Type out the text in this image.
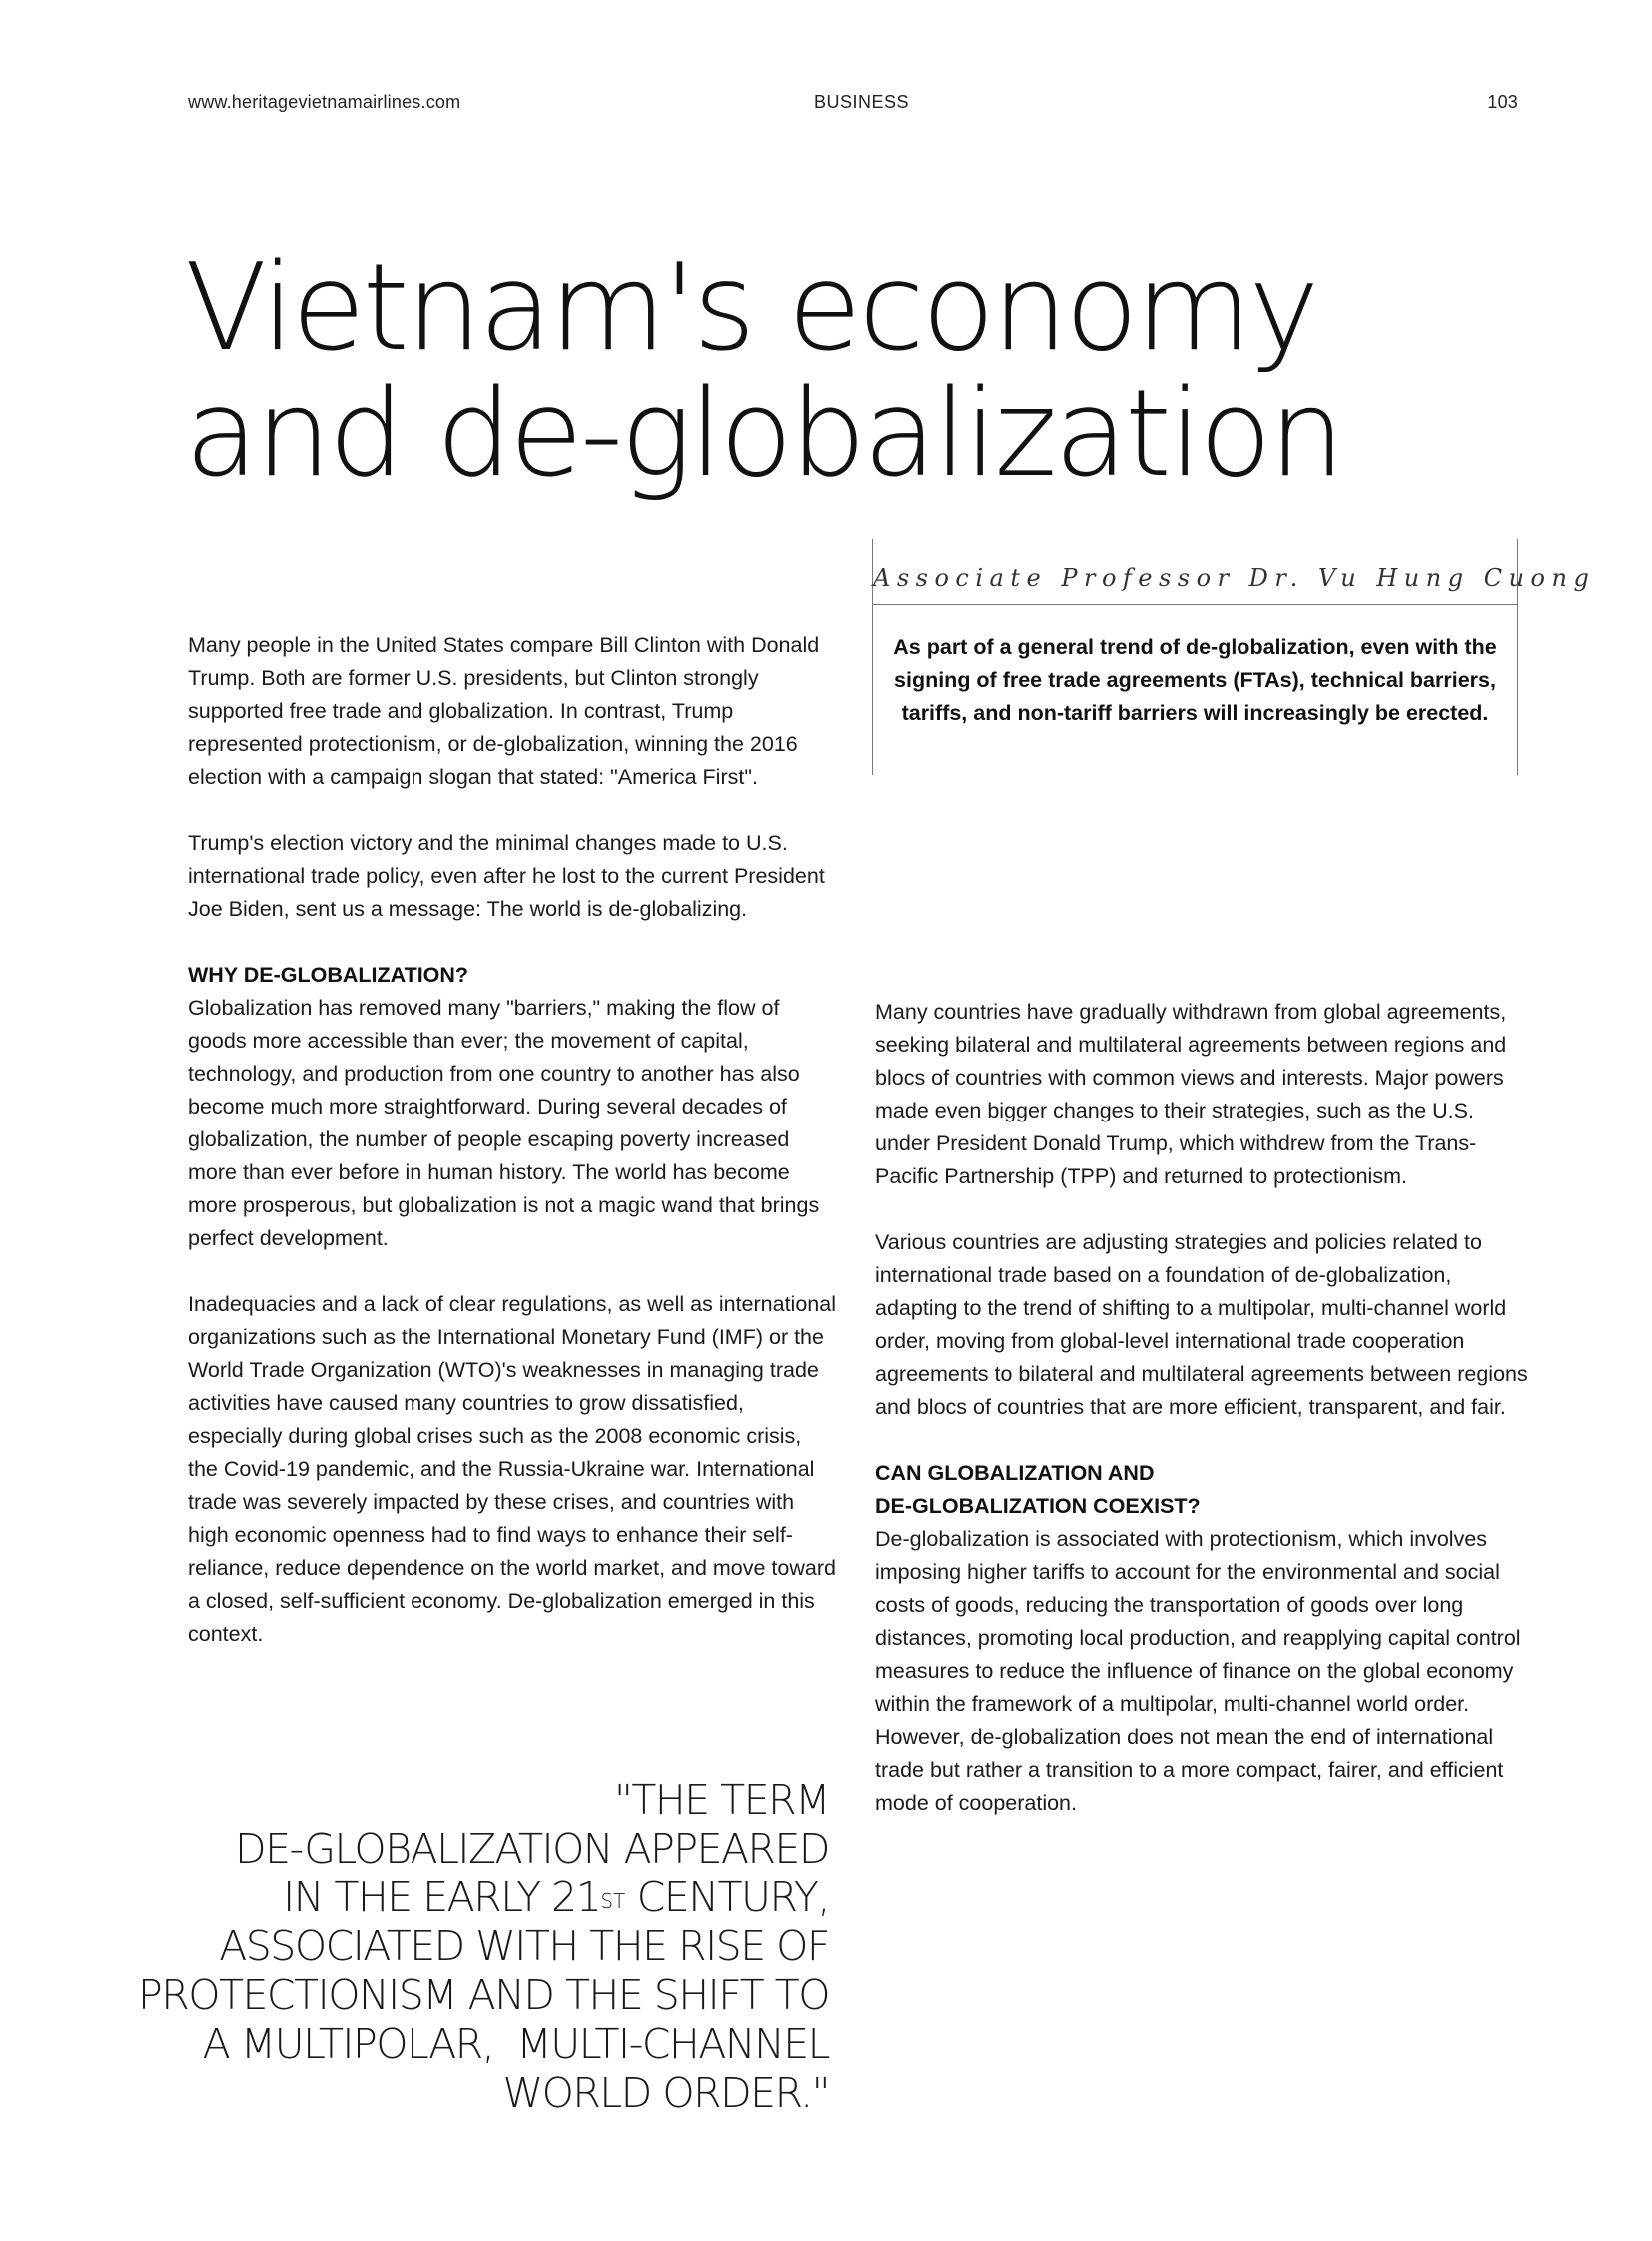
www.heritagevietnamairlines.com	BUSINESS	103
Vietnam's economy
and de-globalization
Associate Professor Dr. Vu Hung Cuong
As part of a general trend of de-globalization, even with the signing of free trade agreements (FTAs), technical barriers, tariffs, and non-tariff barriers will increasingly be erected.

Many people in the United States compare Bill Clinton with Donald Trump. Both are former U.S. presidents, but Clinton strongly supported free trade and globalization. In contrast, Trump represented protectionism, or de-globalization, winning the 2016 election with a campaign slogan that stated: "America First".

Trump's election victory and the minimal changes made to U.S. international trade policy, even after he lost to the current President Joe Biden, sent us a message: The world is de-globalizing.

WHY DE-GLOBALIZATION?

Globalization has removed many "barriers," making the flow of goods more accessible than ever; the movement of capital, technology, and production from one country to another has also become much more straightforward. During several decades of globalization, the number of people escaping poverty increased more than ever before in human history. The world has become more prosperous, but globalization is not a magic wand that brings perfect development.

Inadequacies and a lack of clear regulations, as well as international organizations such as the International Monetary Fund (IMF) or the World Trade Organization (WTO)'s weaknesses in managing trade activities have caused many countries to grow dissatisfied, especially during global crises such as the 2008 economic crisis, the Covid-19 pandemic, and the Russia-Ukraine war. International trade was severely impacted by these crises, and countries with high economic openness had to find ways to enhance their self-reliance, reduce dependence on the world market, and move toward a closed, self-sufficient economy. De-globalization emerged in this context.

"THE TERM
DE-GLOBALIZATION APPEARED
IN THE EARLY 21ST CENTURY,
ASSOCIATED WITH THE RISE OF
PROTECTIONISM AND THE SHIFT TO
A MULTIPOLAR,  MULTI-CHANNEL
WORLD ORDER."

Many countries have gradually withdrawn from global agreements, seeking bilateral and multilateral agreements between regions and blocs of countries with common views and interests. Major powers made even bigger changes to their strategies, such as the U.S. under President Donald Trump, which withdrew from the Trans-Pacific Partnership (TPP) and returned to protectionism.

Various countries are adjusting strategies and policies related to international trade based on a foundation of de-globalization, adapting to the trend of shifting to a multipolar, multi-channel world order, moving from global-level international trade cooperation agreements to bilateral and multilateral agreements between regions and blocs of countries that are more efficient, transparent, and fair.

CAN GLOBALIZATION AND
DE-GLOBALIZATION COEXIST?

De-globalization is associated with protectionism, which involves imposing higher tariffs to account for the environmental and social costs of goods, reducing the transportation of goods over long distances, promoting local production, and reapplying capital control measures to reduce the influence of finance on the global economy within the framework of a multipolar, multi-channel world order. However, de-globalization does not mean the end of international trade but rather a transition to a more compact, fairer, and efficient mode of cooperation.
